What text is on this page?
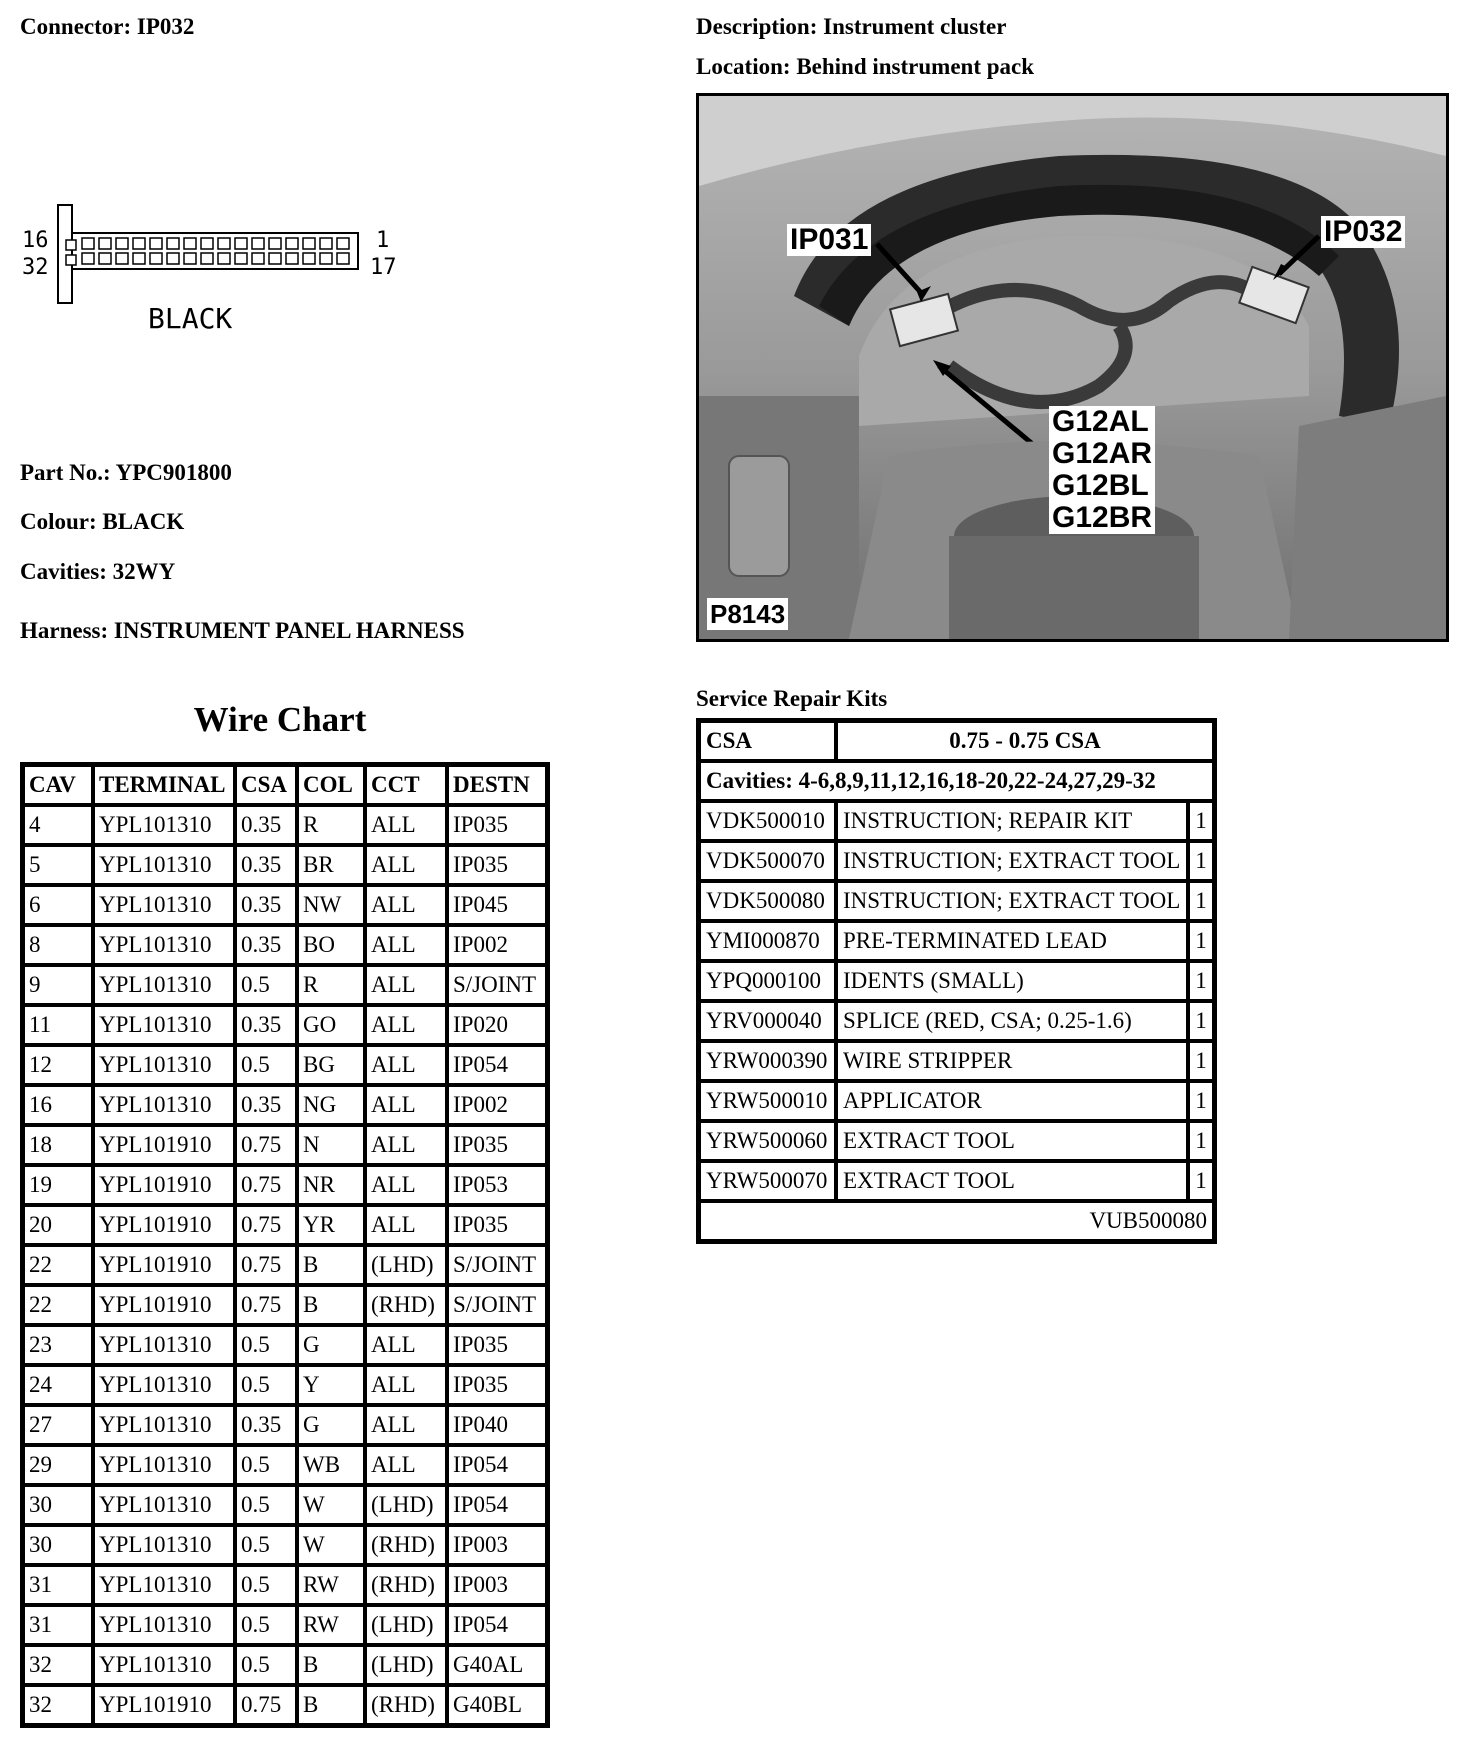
Connector: IP032	Description: Instrument cluster
Location: Behind instrument pack
16
32
1
17
BLACK
Part No.: YPC901800
Colour: BLACK
Cavities: 32WY
Harness: INSTRUMENT PANEL HARNESS
IP031	IP032
G12AL
G12AR
G12BL
G12BR
P8143
Wire Chart
CAV	TERMINAL	CSA	COL	CCT	DESTN
4	YPL101310	0.35	R	ALL	IP035
5	YPL101310	0.35	BR	ALL	IP035
6	YPL101310	0.35	NW	ALL	IP045
8	YPL101310	0.35	BO	ALL	IP002
9	YPL101310	0.5	R	ALL	S/JOINT
11	YPL101310	0.35	GO	ALL	IP020
12	YPL101310	0.5	BG	ALL	IP054
16	YPL101310	0.35	NG	ALL	IP002
18	YPL101910	0.75	N	ALL	IP035
19	YPL101910	0.75	NR	ALL	IP053
20	YPL101910	0.75	YR	ALL	IP035
22	YPL101910	0.75	B	(LHD)	S/JOINT
22	YPL101910	0.75	B	(RHD)	S/JOINT
23	YPL101310	0.5	G	ALL	IP035
24	YPL101310	0.5	Y	ALL	IP035
27	YPL101310	0.35	G	ALL	IP040
29	YPL101310	0.5	WB	ALL	IP054
30	YPL101310	0.5	W	(LHD)	IP054
30	YPL101310	0.5	W	(RHD)	IP003
31	YPL101310	0.5	RW	(RHD)	IP003
31	YPL101310	0.5	RW	(LHD)	IP054
32	YPL101310	0.5	B	(LHD)	G40AL
32	YPL101910	0.75	B	(RHD)	G40BL
Service Repair Kits
CSA	0.75 - 0.75 CSA	
Cavities: 4-6,8,9,11,12,16,18-20,22-24,27,29-32		
VDK500010	INSTRUCTION; REPAIR KIT	1
VDK500070	INSTRUCTION; EXTRACT TOOL	1
VDK500080	INSTRUCTION; EXTRACT TOOL	1
YMI000870	PRE-TERMINATED LEAD	1
YPQ000100	IDENTS (SMALL)	1
YRV000040	SPLICE (RED, CSA; 0.25-1.6)	1
YRW000390	WIRE STRIPPER	1
YRW500010	APPLICATOR	1
YRW500060	EXTRACT TOOL	1
YRW500070	EXTRACT TOOL	1
VUB500080		
